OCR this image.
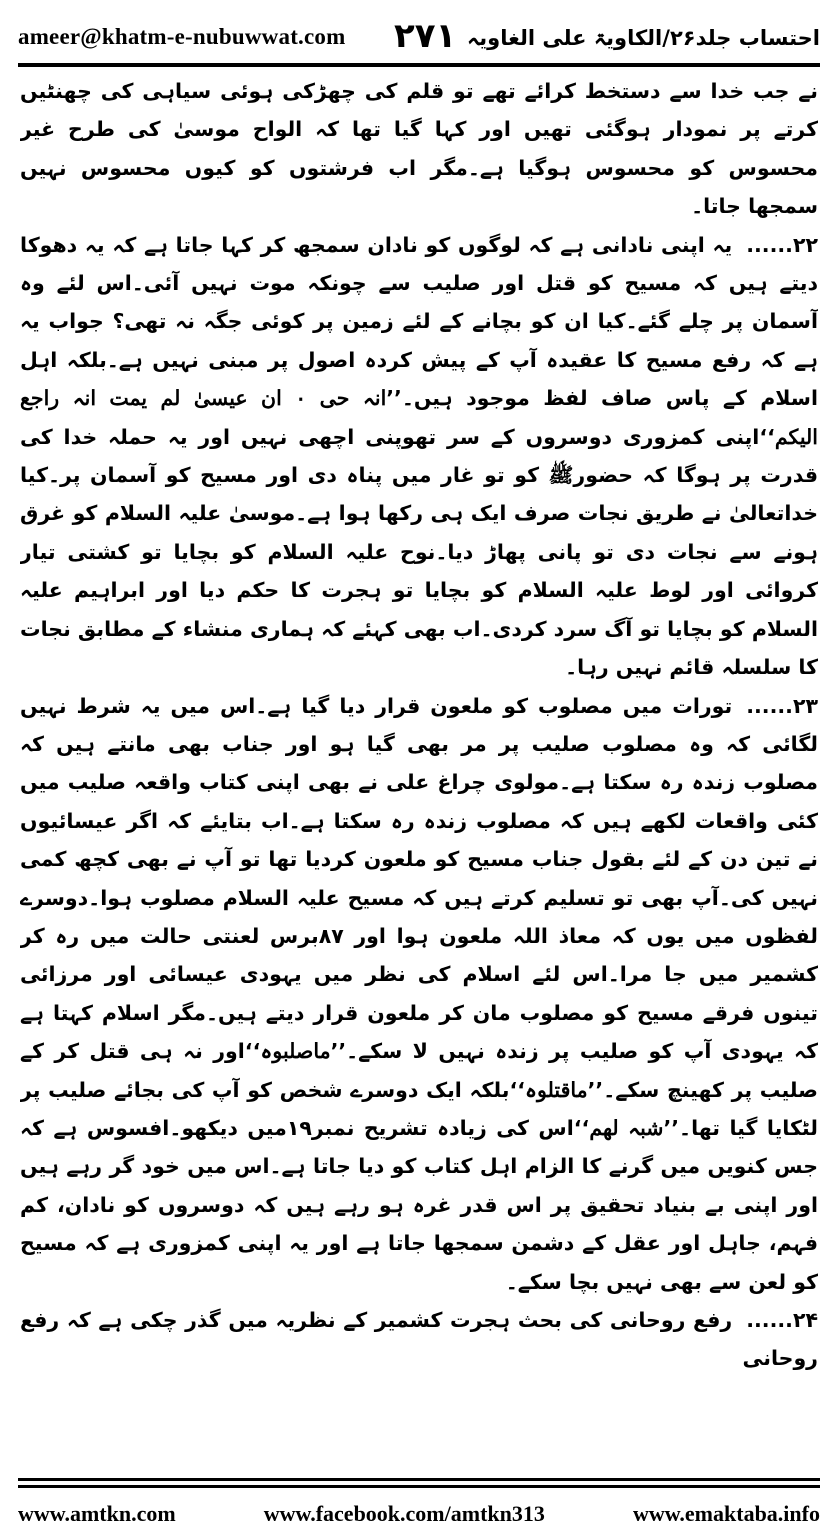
ameer@khatm-e-nubuwwat.com ۲۷۱ احتساب جلد۲۶/الکاویۃ علی الغاویہ

نے جب خدا سے دستخط کرائے تھے تو قلم کی چھڑکی ہوئی سیاہی کی چھنٹیں کرتے پر نمودار ہوگئی تھیں اور کہا گیا تھا کہ الواح موسیٰ کی طرح غیر محسوس کو محسوس ہوگیا ہے۔مگر اب فرشتوں کو کیوں محسوس نہیں سمجھا جاتا۔

۲۲......یہ اپنی نادانی ہے کہ لوگوں کو نادان سمجھ کر کہا جاتا ہے کہ یہ دھوکا دیتے ہیں کہ مسیح کو قتل اور صلیب سے چونکہ موت نہیں آئی۔اس لئے وہ آسمان پر چلے گئے۔کیا ان کو بچانے کے لئے زمین پر کوئی جگہ نہ تھی؟ جواب یہ ہے کہ رفع مسیح کا عقیدہ آپ کے پیش کردہ اصول پر مبنی نہیں ہے۔بلکہ اہل اسلام کے پاس صاف لفظ موجود ہیں۔’’انہ حی ۰ ان عیسیٰ لم یمت انہ راجع الیکم‘‘اپنی کمزوری دوسروں کے سر تھوپنی اچھی نہیں اور یہ حملہ خدا کی قدرت پر ہوگا کہ حضورﷺ کو تو غار میں پناہ دی اور مسیح کو آسمان پر۔کیا خداتعالیٰ نے طریق نجات صرف ایک ہی رکھا ہوا ہے۔موسیٰ علیہ السلام کو غرق ہونے سے نجات دی تو پانی پھاڑ دیا۔نوح علیہ السلام کو بچایا تو کشتی تیار کروائی اور لوط علیہ السلام کو بچایا تو ہجرت کا حکم دیا اور ابراہیم علیہ السلام کو بچایا تو آگ سرد کردی۔اب بھی کہئے کہ ہماری منشاء کے مطابق نجات کا سلسلہ قائم نہیں رہا۔

۲۳......تورات میں مصلوب کو ملعون قرار دیا گیا ہے۔اس میں یہ شرط نہیں لگائی کہ وہ مصلوب صلیب پر مر بھی گیا ہو اور جناب بھی مانتے ہیں کہ مصلوب زندہ رہ سکتا ہے۔مولوی چراغ علی نے بھی اپنی کتاب واقعہ صلیب میں کئی واقعات لکھے ہیں کہ مصلوب زندہ رہ سکتا ہے۔اب بتایئے کہ اگر عیسائیوں نے تین دن کے لئے بقول جناب مسیح کو ملعون کردیا تھا تو آپ نے بھی کچھ کمی نہیں کی۔آپ بھی تو تسلیم کرتے ہیں کہ مسیح علیہ السلام مصلوب ہوا۔دوسرے لفظوں میں یوں کہ معاذ اللہ ملعون ہوا اور ۸۷برس لعنتی حالت میں رہ کر کشمیر میں جا مرا۔اس لئے اسلام کی نظر میں یہودی عیسائی اور مرزائی تینوں فرقے مسیح کو مصلوب مان کر ملعون قرار دیتے ہیں۔مگر اسلام کہتا ہے کہ یہودی آپ کو صلیب پر زندہ نہیں لا سکے۔’’ماصلبوہ‘‘اور نہ ہی قتل کر کے صلیب پر کھینچ سکے۔’’ماقتلوہ‘‘بلکہ ایک دوسرے شخص کو آپ کی بجائے صلیب پر لٹکایا گیا تھا۔’’شبہ لھم‘‘اس کی زیادہ تشریح نمبر۱۹میں دیکھو۔افسوس ہے کہ جس کنویں میں گرنے کا الزام اہل کتاب کو دیا جاتا ہے۔اس میں خود گر رہے ہیں اور اپنی بے بنیاد تحقیق پر اس قدر غرہ ہو رہے ہیں کہ دوسروں کو نادان، کم فہم، جاہل اور عقل کے دشمن سمجھا جاتا ہے اور یہ اپنی کمزوری ہے کہ مسیح کو لعن سے بھی نہیں بچا سکے۔

۲۴......رفع روحانی کی بحث ہجرت کشمیر کے نظریہ میں گذر چکی ہے کہ رفع روحانی

www.amtkn.com	www.facebook.com/amtkn313	www.emaktaba.info
